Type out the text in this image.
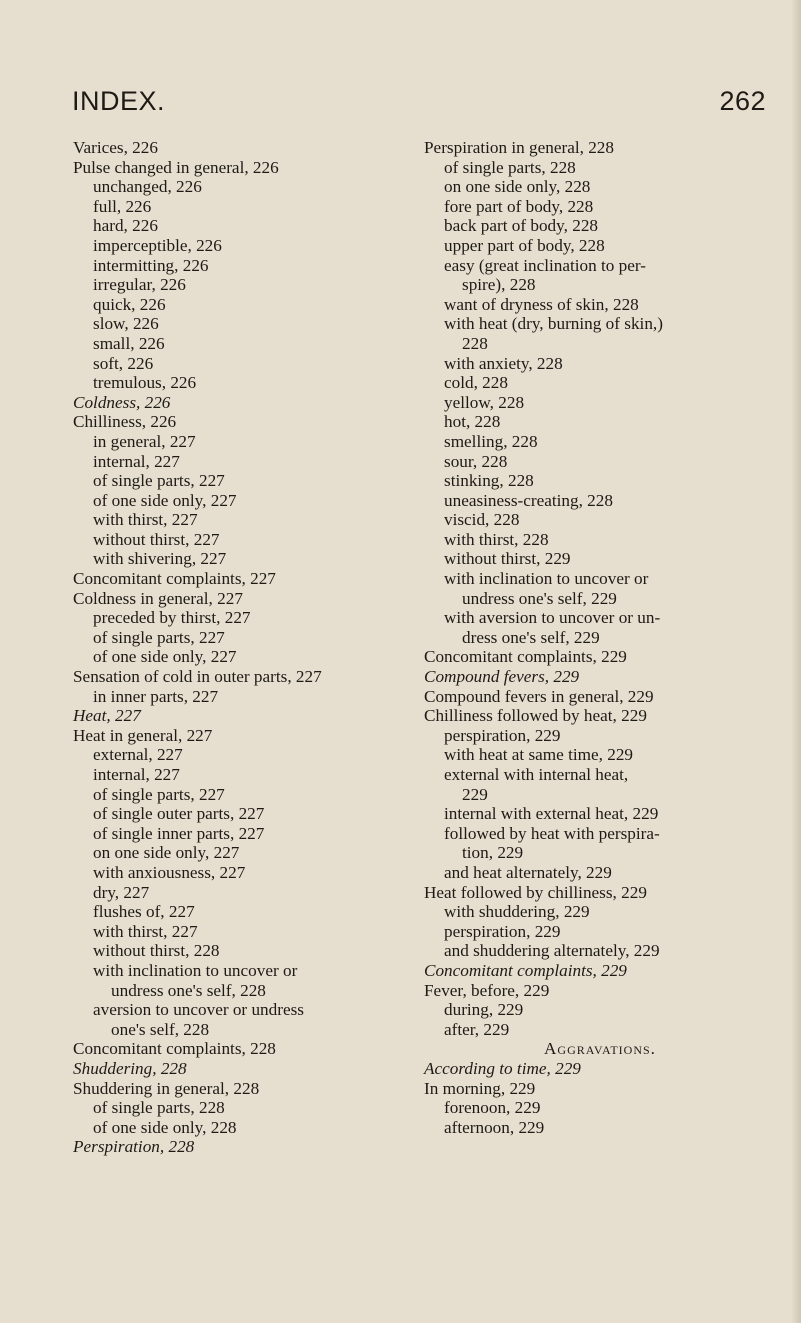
INDEX.	262
Varices, 226
Pulse changed in general, 226
unchanged, 226
full, 226
hard, 226
imperceptible, 226
intermitting, 226
irregular, 226
quick, 226
slow, 226
small, 226
soft, 226
tremulous, 226
Coldness, 226
Chilliness, 226
in general, 227
internal, 227
of single parts, 227
of one side only, 227
with thirst, 227
without thirst, 227
with shivering, 227
Concomitant complaints, 227
Coldness in general, 227
preceded by thirst, 227
of single parts, 227
of one side only, 227
Sensation of cold in outer parts, 227
in inner parts, 227
Heat, 227
Heat in general, 227
external, 227
internal, 227
of single parts, 227
of single outer parts, 227
of single inner parts, 227
on one side only, 227
with anxiousness, 227
dry, 227
flushes of, 227
with thirst, 227
without thirst, 228
with inclination to uncover or
undress one's self, 228
aversion to uncover or undress
one's self, 228
Concomitant complaints, 228
Shuddering, 228
Shuddering in general, 228
of single parts, 228
of one side only, 228
Perspiration, 228
Perspiration in general, 228
of single parts, 228
on one side only, 228
fore part of body, 228
back part of body, 228
upper part of body, 228
easy (great inclination to per-
spire), 228
want of dryness of skin, 228
with heat (dry, burning of skin,)
228
with anxiety, 228
cold, 228
yellow, 228
hot, 228
smelling, 228
sour, 228
stinking, 228
uneasiness-creating, 228
viscid, 228
with thirst, 228
without thirst, 229
with inclination to uncover or
undress one's self, 229
with aversion to uncover or un-
dress one's self, 229
Concomitant complaints, 229
Compound fevers, 229
Compound fevers in general, 229
Chilliness followed by heat, 229
perspiration, 229
with heat at same time, 229
external with internal heat,
229
internal with external heat, 229
followed by heat with perspira-
tion, 229
and heat alternately, 229
Heat followed by chilliness, 229
with shuddering, 229
perspiration, 229
and shuddering alternately, 229
Concomitant complaints, 229
Fever, before, 229
during, 229
after, 229
Aggravations.
According to time, 229
In morning, 229
forenoon, 229
afternoon, 229
